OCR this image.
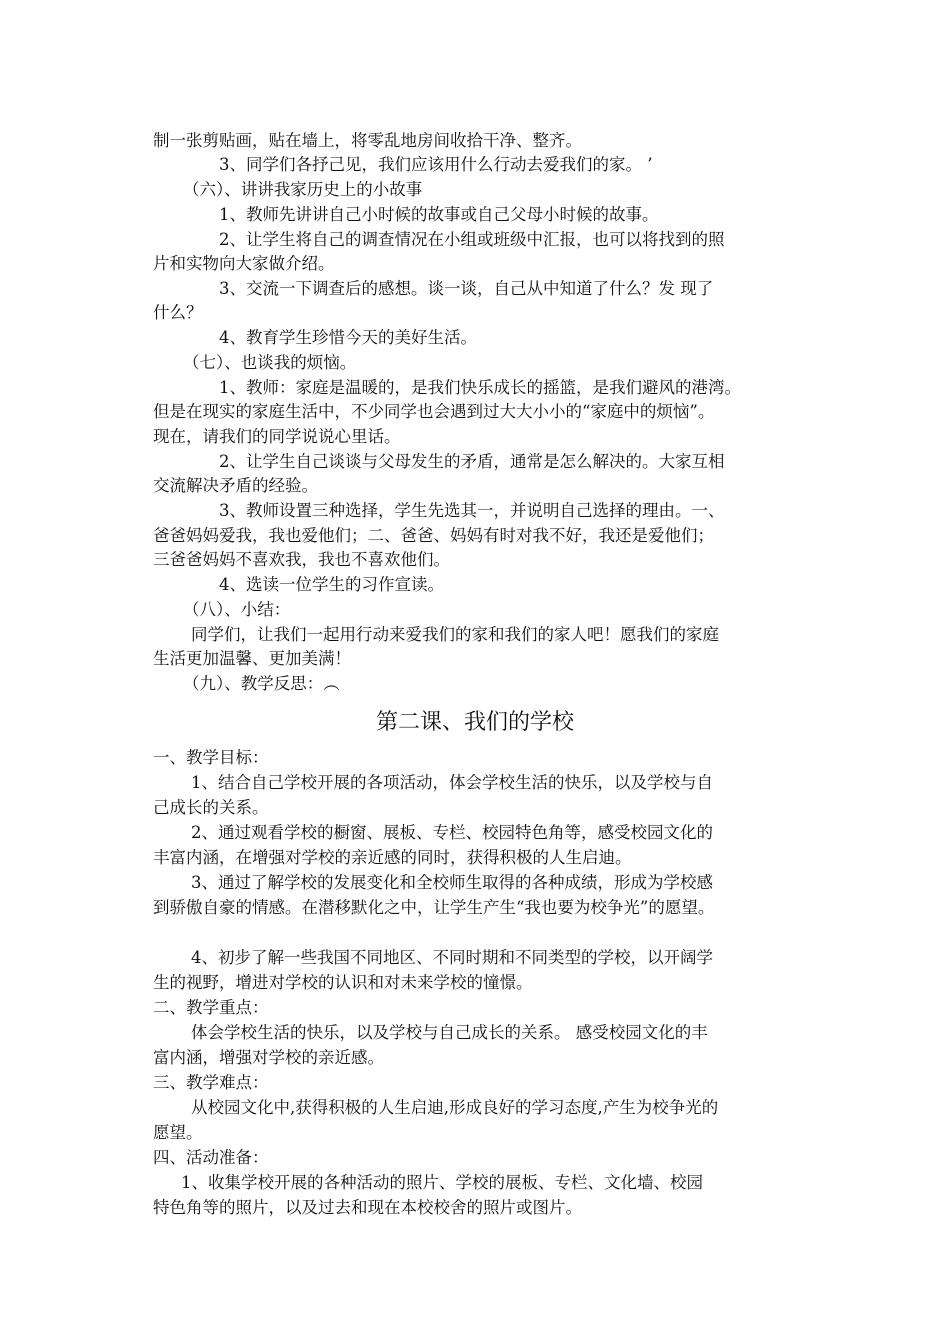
制一张剪贴画，贴在墙上，将零乱地房间收拾干净、整齐。
3、同学们各抒己见，我们应该用什么行动去爱我们的家。 ’
（六）、讲讲我家历史上的小故事
1、教师先讲讲自己小时候的故事或自己父母小时候的故事。
2、让学生将自己的调查情况在小组或班级中汇报，也可以将找到的照
片和实物向大家做介绍。
3、交流一下调查后的感想。谈一谈，自己从中知道了什么？发 现了
什么？
4、教育学生珍惜今天的美好生活。
（七）、也谈我的烦恼。
1、教师：家庭是温暖的，是我们快乐成长的摇篮，是我们避风的港湾。
但是在现实的家庭生活中，不少同学也会遇到过大大小小的“家庭中的烦恼”。
现在，请我们的同学说说心里话。
2、让学生自己谈谈与父母发生的矛盾，通常是怎么解决的。大家互相
交流解决矛盾的经验。
3、教师设置三种选择，学生先选其一，并说明自己选择的理由。一、
爸爸妈妈爱我，我也爱他们；二、爸爸、妈妈有时对我不好，我还是爱他们；
三爸爸妈妈不喜欢我，我也不喜欢他们。
4、选读一位学生的习作宣读。
（八）、小结：
同学们，让我们一起用行动来爱我们的家和我们的家人吧！愿我们的家庭
生活更加温馨、更加美满！
（九）、教学反思：︵
一、教学目标：
1、结合自己学校开展的各项活动，体会学校生活的快乐，以及学校与自
己成长的关系。
2、通过观看学校的橱窗、展板、专栏、校园特色角等，感受校园文化的
丰富内涵，在增强对学校的亲近感的同时，获得积极的人生启迪。
3、通过了解学校的发展变化和全校师生取得的各种成绩，形成为学校感
到骄傲自豪的情感。在潜移默化之中，让学生产生“我也要为校争光”的愿望。
4、初步了解一些我国不同地区、不同时期和不同类型的学校，以开阔学
生的视野，增进对学校的认识和对未来学校的憧憬。
二、教学重点：
体会学校生活的快乐，以及学校与自己成长的关系。 感受校园文化的丰
富内涵，增强对学校的亲近感。
三、教学难点：
从校园文化中,获得积极的人生启迪,形成良好的学习态度,产生为校争光的
愿望。
四、活动准备：
1、收集学校开展的各种活动的照片、学校的展板、专栏、文化墙、校园
特色角等的照片，以及过去和现在本校校舍的照片或图片。
第二课、我们的学校
